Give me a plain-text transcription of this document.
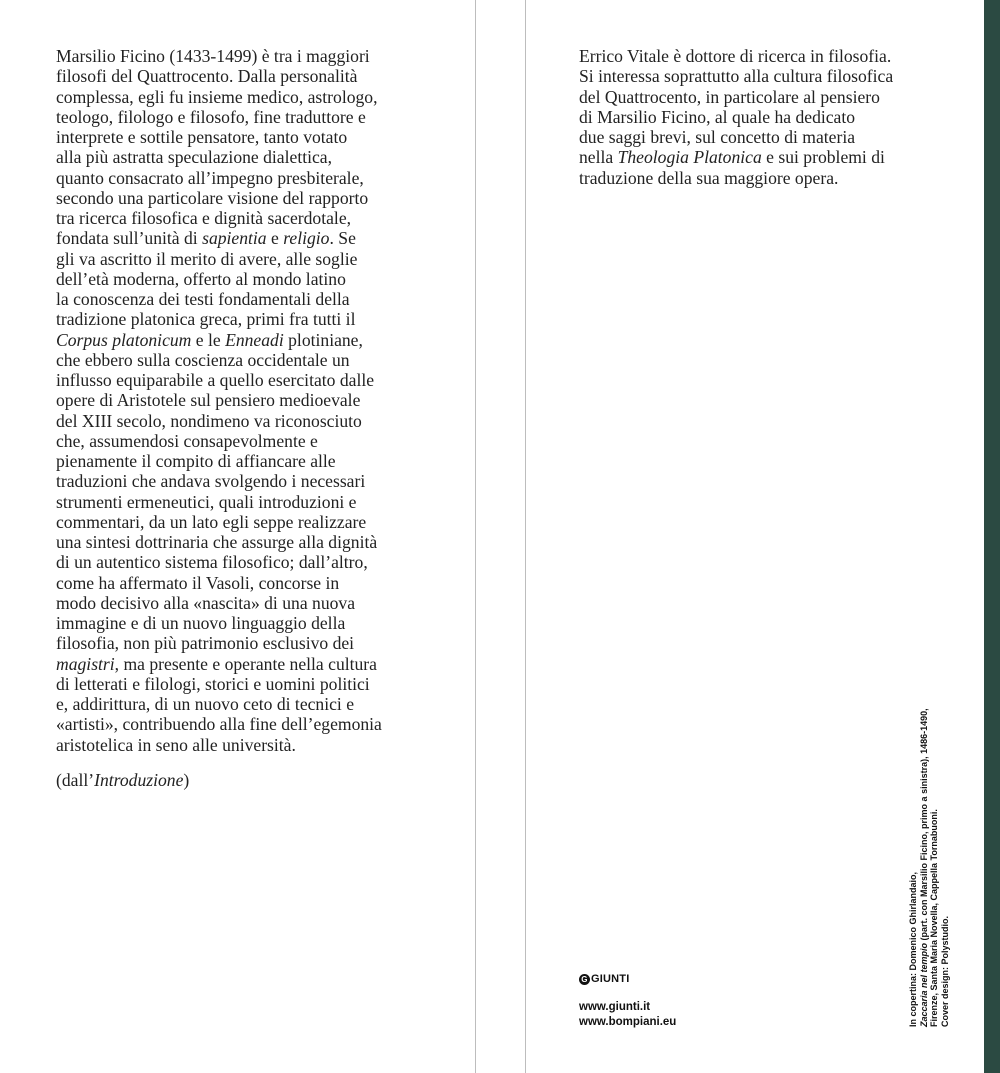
Marsilio Ficino (1433-1499) è tra i maggiori
filosofi del Quattrocento. Dalla personalità
complessa, egli fu insieme medico, astrologo,
teologo, filologo e filosofo, fine traduttore e
interprete e sottile pensatore, tanto votato
alla più astratta speculazione dialettica,
quanto consacrato all’impegno presbiterale,
secondo una particolare visione del rapporto
tra ricerca filosofica e dignità sacerdotale,
fondata sull’unità di sapientia e religio. Se
gli va ascritto il merito di avere, alle soglie
dell’età moderna, offerto al mondo latino
la conoscenza dei testi fondamentali della
tradizione platonica greca, primi fra tutti il
Corpus platonicum e le Enneadi plotiniane,
che ebbero sulla coscienza occidentale un
influsso equiparabile a quello esercitato dalle
opere di Aristotele sul pensiero medioevale
del XIII secolo, nondimeno va riconosciuto
che, assumendosi consapevolmente e
pienamente il compito di affiancare alle
traduzioni che andava svolgendo i necessari
strumenti ermeneutici, quali introduzioni e
commentari, da un lato egli seppe realizzare
una sintesi dottrinaria che assurge alla dignità
di un autentico sistema filosofico; dall’altro,
come ha affermato il Vasoli, concorse in
modo decisivo alla «nascita» di una nuova
immagine e di un nuovo linguaggio della
filosofia, non più patrimonio esclusivo dei
magistri, ma presente e operante nella cultura
di letterati e filologi, storici e uomini politici
e, addirittura, di un nuovo ceto di tecnici e
«artisti», contribuendo alla fine dell’egemonia
aristotelica in seno alle università.
(dall’Introduzione)
Errico Vitale è dottore di ricerca in filosofia.
Si interessa soprattutto alla cultura filosofica
del Quattrocento, in particolare al pensiero
di Marsilio Ficino, al quale ha dedicato
due saggi brevi, sul concetto di materia
nella Theologia Platonica e sui problemi di
traduzione della sua maggiore opera.
G GIUNTI
www.giunti.it
www.bompiani.eu	In copertina: Domenico Ghirlandaio, Zaccaria nel tempio (part. con Marsilio Ficino, primo a sinistra), 1486-1490, Firenze, Santa Maria Novella, Cappella Tornabuoni. Cover design: Polystudio.
